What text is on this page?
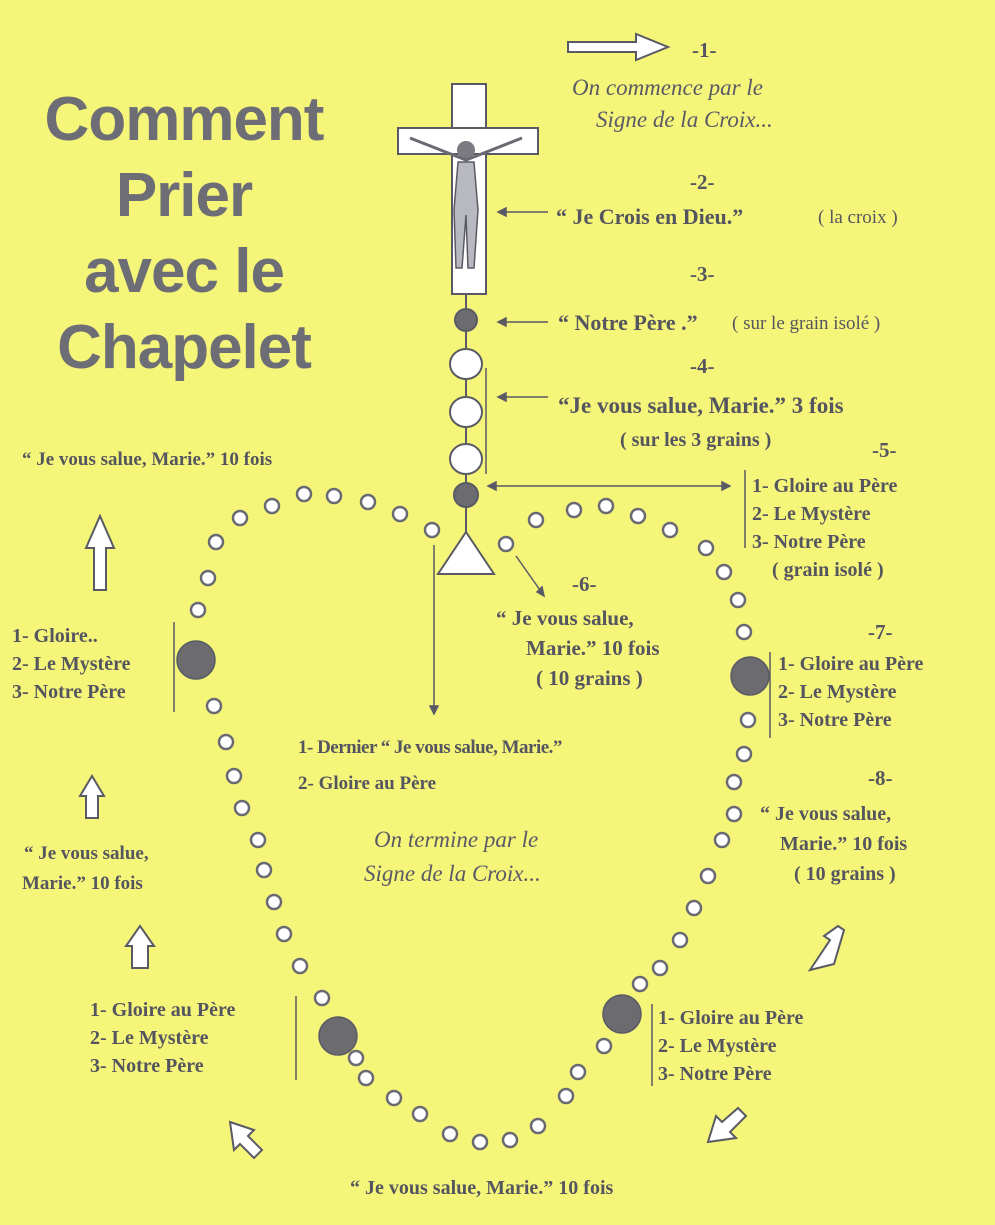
Comment
Prier
avec le
Chapelet
-1-
On commence par le
Signe de la Croix...
-2-
“ Je Crois en Dieu.”	( la croix )
-3-
“ Notre Père .” ( sur le grain isolé )
-4-
“Je vous salue, Marie.” 3 fois
( sur les 3 grains )	-5-
1- Gloire au Père
2- Le Mystère
3- Notre Père
( grain isolé )
“ Je vous salue, Marie.” 10 fois
-6-
“ Je vous salue,
Marie.” 10 fois
( 10 grains )
1- Gloire..
2- Le Mystère
3- Notre Père
-7-
1- Gloire au Père
2- Le Mystère
3- Notre Père
1- Dernier “ Je vous salue, Marie.”
2- Gloire au Père	-8-
“ Je vous salue,
Marie.” 10 fois
( 10 grains )
On termine par le
Signe de la Croix...
“ Je vous salue,
Marie.” 10 fois
1- Gloire au Père
2- Le Mystère
3- Notre Père
1- Gloire au Père
2- Le Mystère
3- Notre Père
“ Je vous salue, Marie.” 10 fois
